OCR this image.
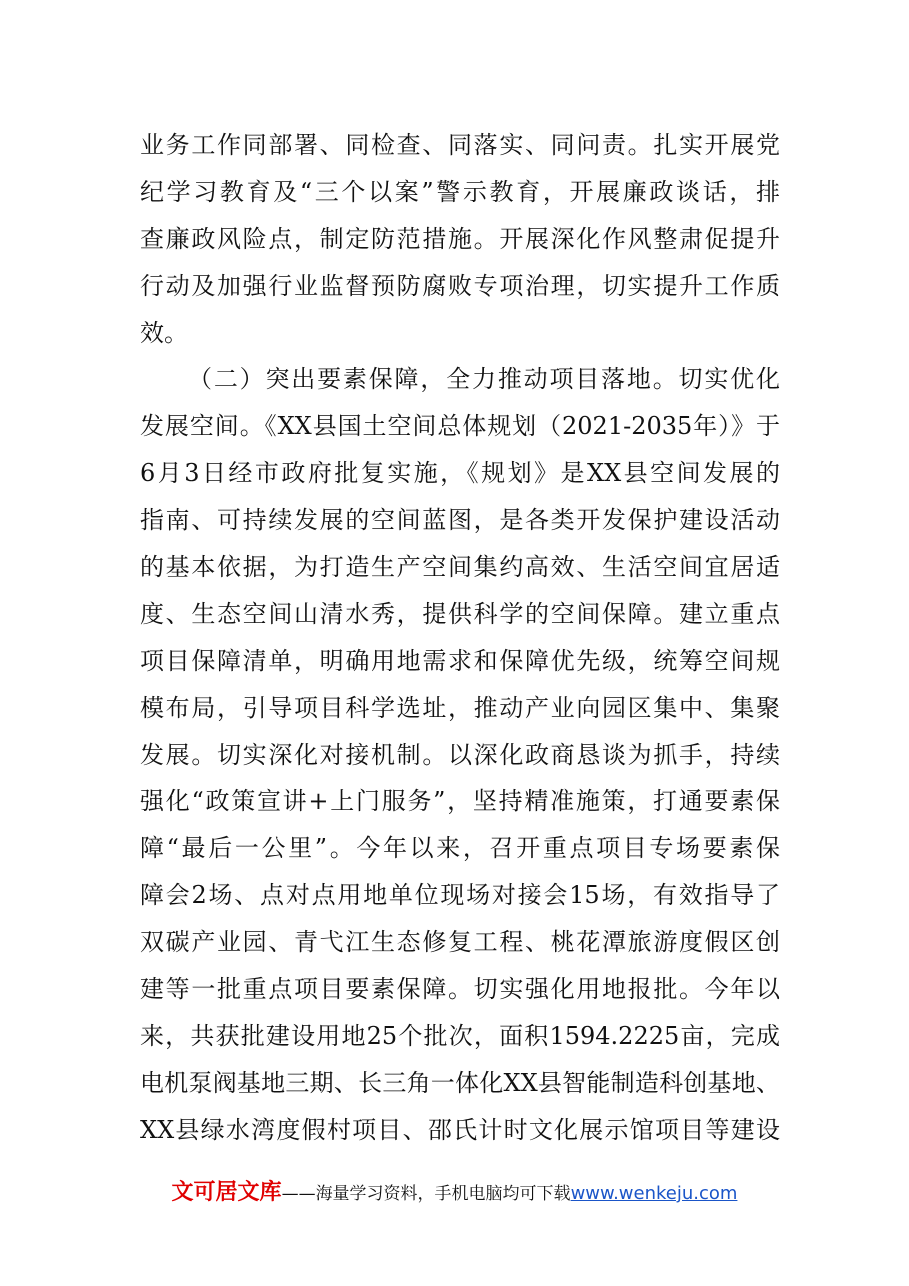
业务工作同部署、同检查、同落实、同问责。扎实开展党
纪学习教育及“三个以案”警示教育，开展廉政谈话，排
查廉政风险点，制定防范措施。开展深化作风整肃促提升
行动及加强行业监督预防腐败专项治理，切实提升工作质
效。
（二）突出要素保障，全力推动项目落地。切实优化
发展空间。《XX县国土空间总体规划（2021-2035年）》于
6月3日经市政府批复实施，《规划》是XX县空间发展的
指南、可持续发展的空间蓝图，是各类开发保护建设活动
的基本依据，为打造生产空间集约高效、生活空间宜居适
度、生态空间山清水秀，提供科学的空间保障。建立重点
项目保障清单，明确用地需求和保障优先级，统筹空间规
模布局，引导项目科学选址，推动产业向园区集中、集聚
发展。切实深化对接机制。以深化政商恳谈为抓手，持续
强化“政策宣讲+上门服务”，坚持精准施策，打通要素保
障“最后一公里”。今年以来，召开重点项目专场要素保
障会2场、点对点用地单位现场对接会15场，有效指导了
双碳产业园、青弋江生态修复工程、桃花潭旅游度假区创
建等一批重点项目要素保障。切实强化用地报批。今年以
来，共获批建设用地25个批次，面积1594.2225亩，完成
电机泵阀基地三期、长三角一体化XX县智能制造科创基地、
XX县绿水湾度假村项目、邵氏计时文化展示馆项目等建设
文可居文库——海量学习资料，手机电脑均可下载www.wenkeju.com
